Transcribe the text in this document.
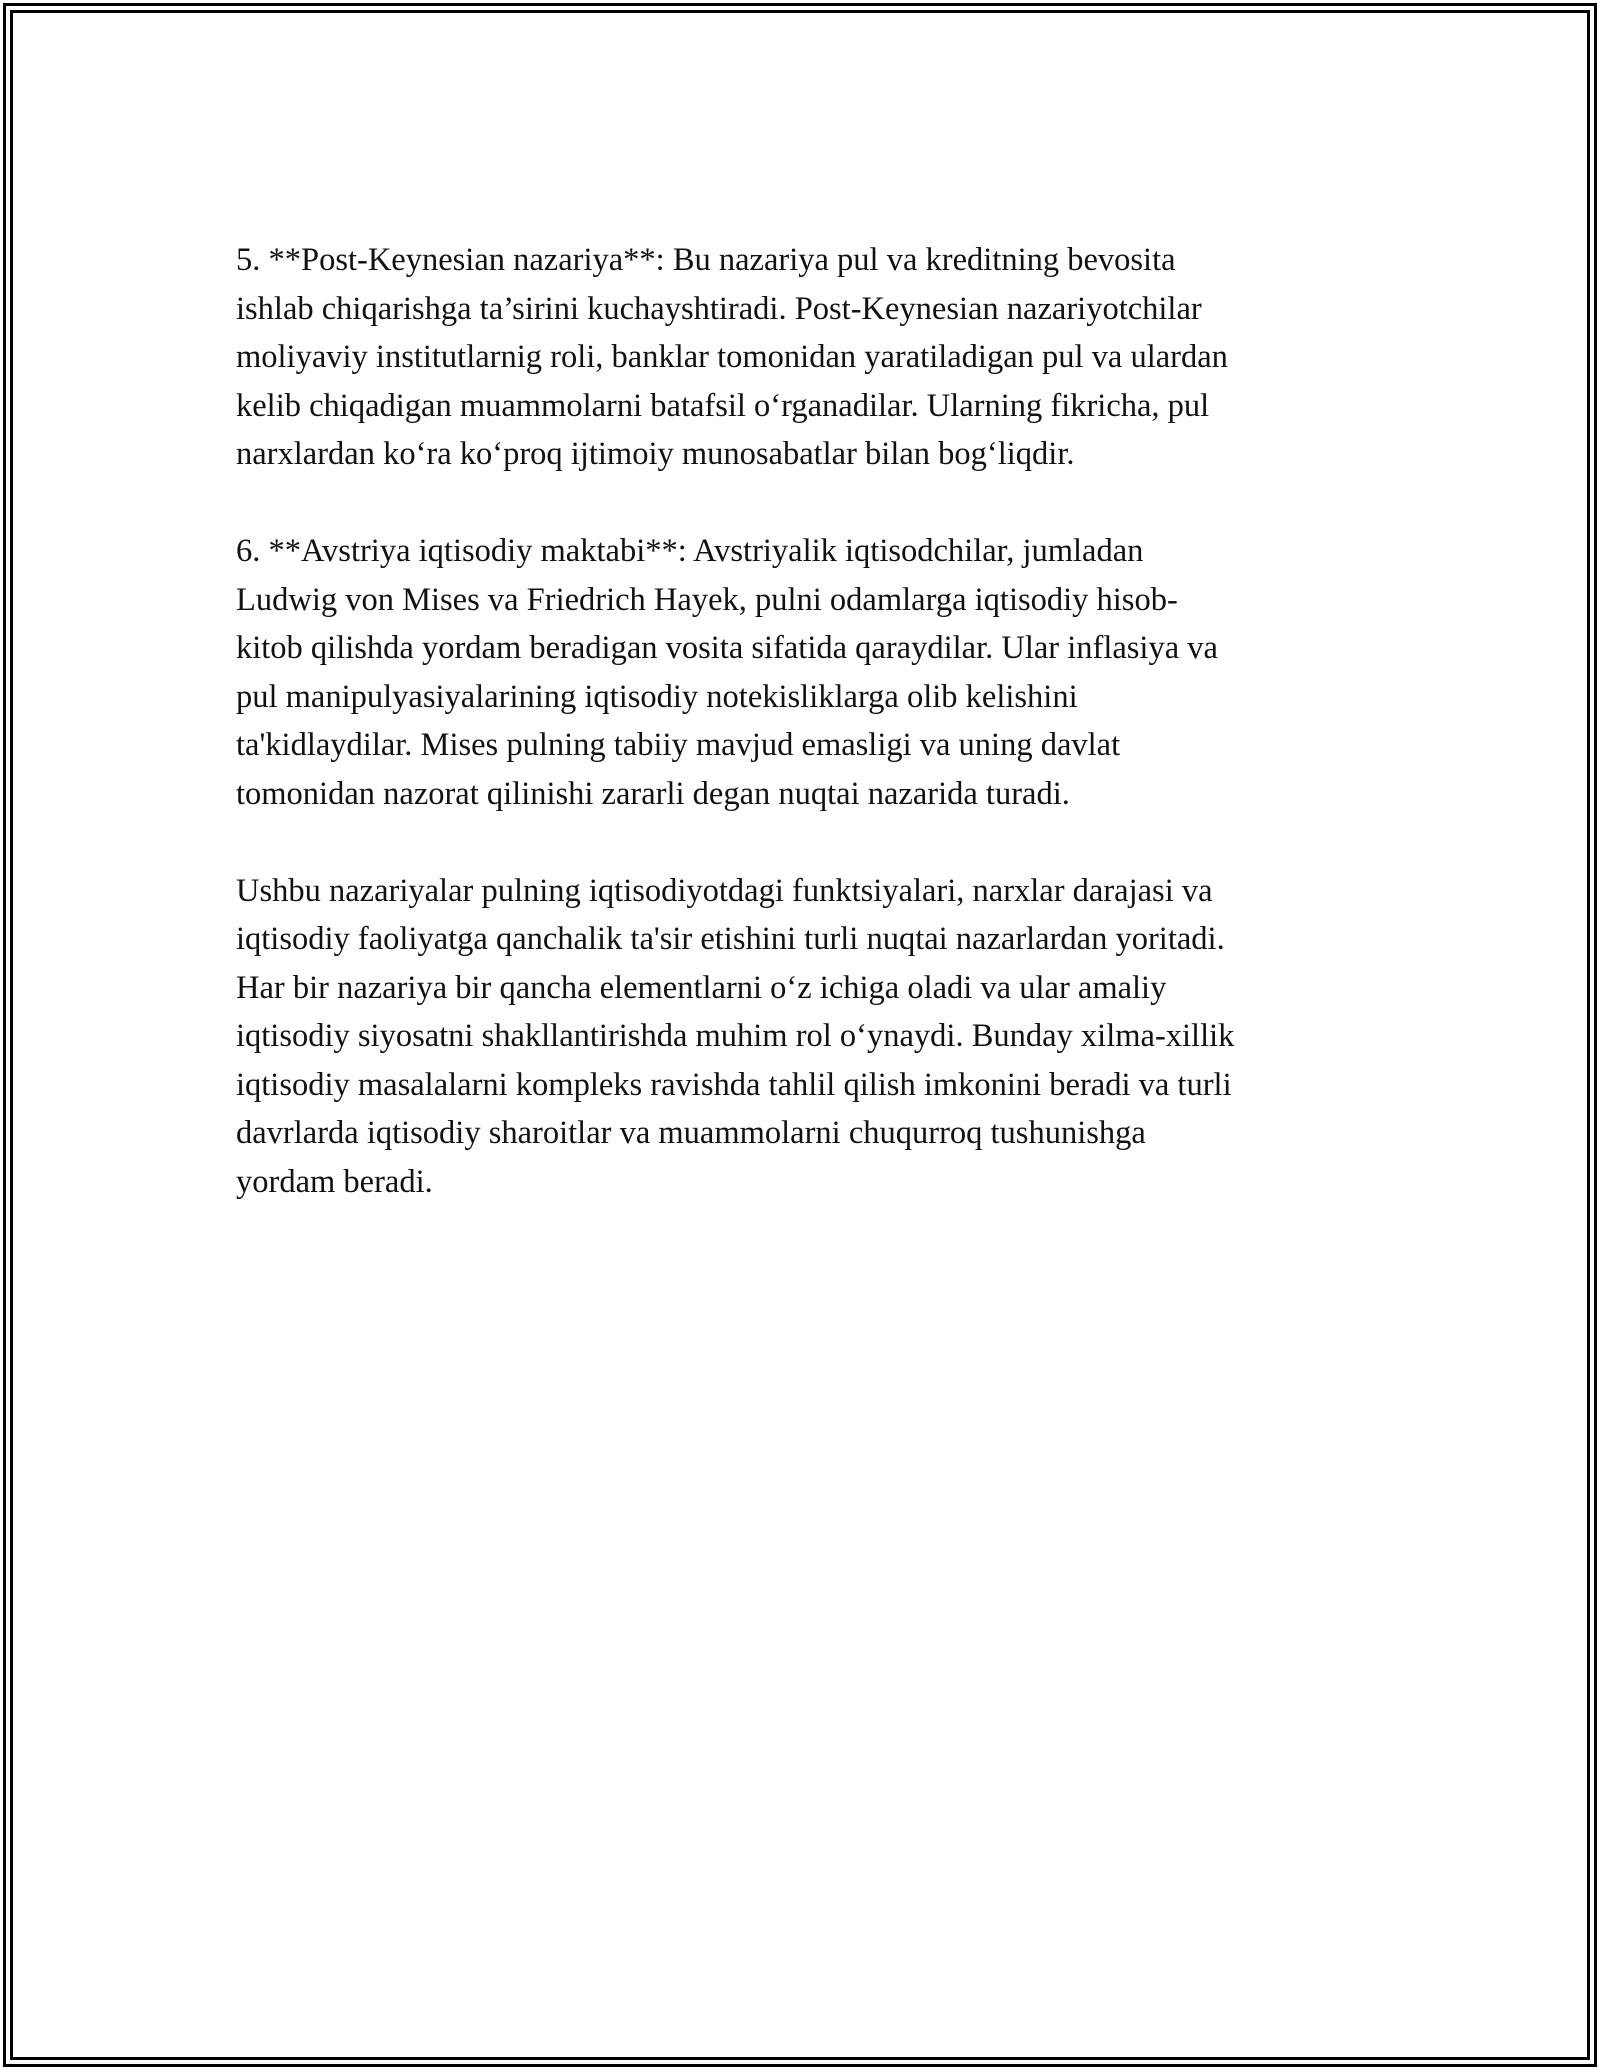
5. **Post-Keynesian nazariya**: Bu nazariya pul va kreditning bevosita
ishlab chiqarishga ta’sirini kuchayshtiradi. Post-Keynesian nazariyotchilar
moliyaviy institutlarnig roli, banklar tomonidan yaratiladigan pul va ulardan
kelib chiqadigan muammolarni batafsil o‘rganadilar. Ularning fikricha, pul
narxlardan ko‘ra ko‘proq ijtimoiy munosabatlar bilan bog‘liqdir.

6. **Avstriya iqtisodiy maktabi**: Avstriyalik iqtisodchilar, jumladan
Ludwig von Mises va Friedrich Hayek, pulni odamlarga iqtisodiy hisob-
kitob qilishda yordam beradigan vosita sifatida qaraydilar. Ular inflasiya va
pul manipulyasiyalarining iqtisodiy notekisliklarga olib kelishini
ta'kidlaydilar. Mises pulning tabiiy mavjud emasligi va uning davlat
tomonidan nazorat qilinishi zararli degan nuqtai nazarida turadi.

Ushbu nazariyalar pulning iqtisodiyotdagi funktsiyalari, narxlar darajasi va
iqtisodiy faoliyatga qanchalik ta'sir etishini turli nuqtai nazarlardan yoritadi.
Har bir nazariya bir qancha elementlarni o‘z ichiga oladi va ular amaliy
iqtisodiy siyosatni shakllantirishda muhim rol o‘ynaydi. Bunday xilma-xillik
iqtisodiy masalalarni kompleks ravishda tahlil qilish imkonini beradi va turli
davrlarda iqtisodiy sharoitlar va muammolarni chuqurroq tushunishga
yordam beradi.
